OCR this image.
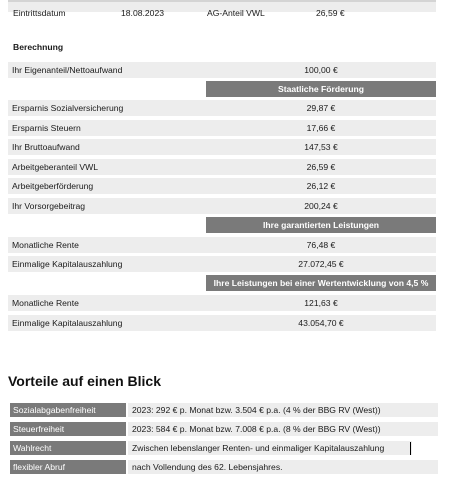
Eintrittsdatum	18.08.2023	AG-Anteil VWL	26,59 €
Berechnung
Ihr Eigenanteil/Nettoaufwand	100,00 €
Staatliche Förderung
Ersparnis Sozialversicherung	29,87 €
Ersparnis Steuern	17,66 €
Ihr Bruttoaufwand	147,53 €
Arbeitgeberanteil VWL	26,59 €
Arbeitgeberförderung	26,12 €
Ihr Vorsorgebeitrag	200,24 €
Ihre garantierten Leistungen
Monatliche Rente	76,48 €
Einmalige Kapitalauszahlung	27.072,45 €
Ihre Leistungen bei einer Wertentwicklung von 4,5 %
Monatliche Rente	121,63 €
Einmalige Kapitalauszahlung	43.054,70 €
Vorteile auf einen Blick
Sozialabgabenfreiheit	2023: 292 € p. Monat bzw. 3.504 € p.a. (4 % der BBG RV (West))
Steuerfreiheit	2023: 584 € p. Monat bzw. 7.008 € p.a. (8 % der BBG RV (West))
Wahlrecht	Zwischen lebenslanger Renten- und einmaliger Kapitalauszahlung
flexibler Abruf	nach Vollendung des 62. Lebensjahres.
